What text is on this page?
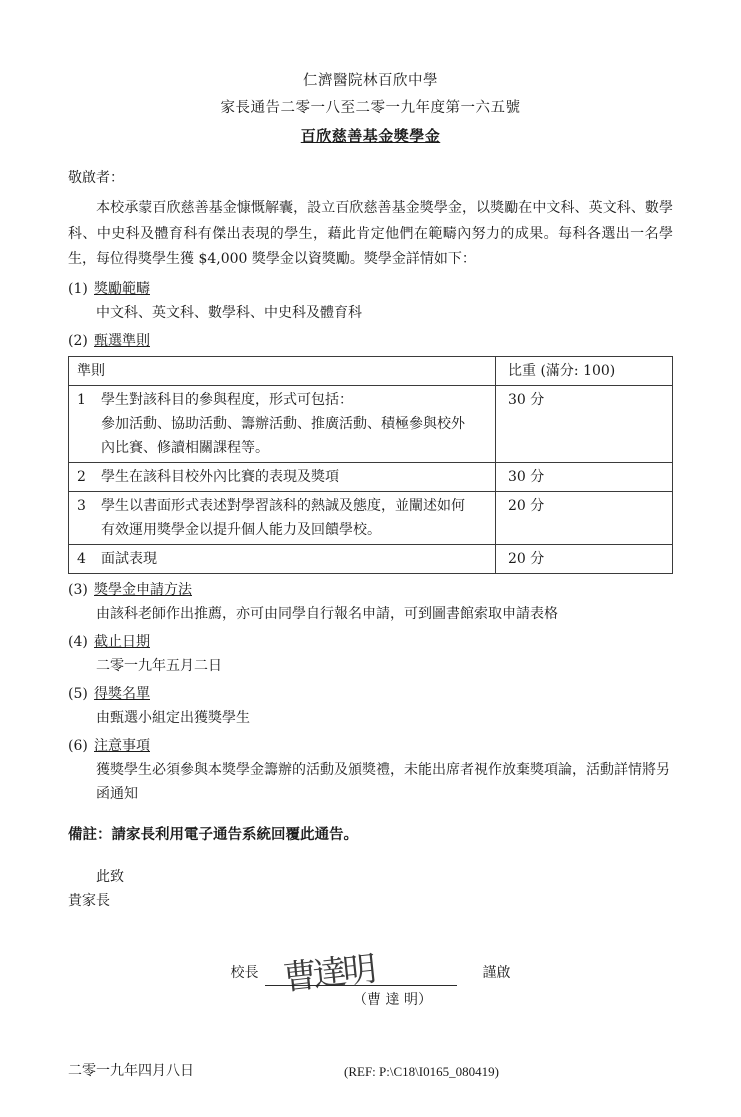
仁濟醫院林百欣中學
家長通告二零一八至二零一九年度第一六五號
百欣慈善基金獎學金
敬啟者：
本校承蒙百欣慈善基金慷慨解囊，設立百欣慈善基金獎學金，以獎勵在中文科、英文科、數學科、中史科及體育科有傑出表現的學生，藉此肯定他們在範疇內努力的成果。每科各選出一名學生，每位得獎學生獲 $4,000 獎學金以資獎勵。獎學金詳情如下：
(1) 獎勵範疇
中文科、英文科、數學科、中史科及體育科
(2) 甄選準則
準則		比重 (滿分: 100)
1	學生對該科目的參與程度，形式可包括：
參加活動、協助活動、籌辦活動、推廣活動、積極參與校外
內比賽、修讀相關課程等。	30 分
2	學生在該科目校外內比賽的表現及獎項	30 分
3	學生以書面形式表述對學習該科的熱誠及態度，並闡述如何
有效運用獎學金以提升個人能力及回饋學校。	20 分
4	面試表現	20 分
(3) 獎學金申請方法
由該科老師作出推薦，亦可由同學自行報名申請，可到圖書館索取申請表格
(4) 截止日期
二零一九年五月二日
(5) 得獎名單
由甄選小組定出獲獎學生
(6) 注意事項
獲獎學生必須參與本獎學金籌辦的活動及頒獎禮，未能出席者視作放棄獎項論，活動詳情將另函通知
備註：請家長利用電子通告系統回覆此通告。
此致
貴家長
校長 曹達明	謹啟
（曹 達 明）
二零一九年四月八日	(REF: P:\C18\I0165_080419)
